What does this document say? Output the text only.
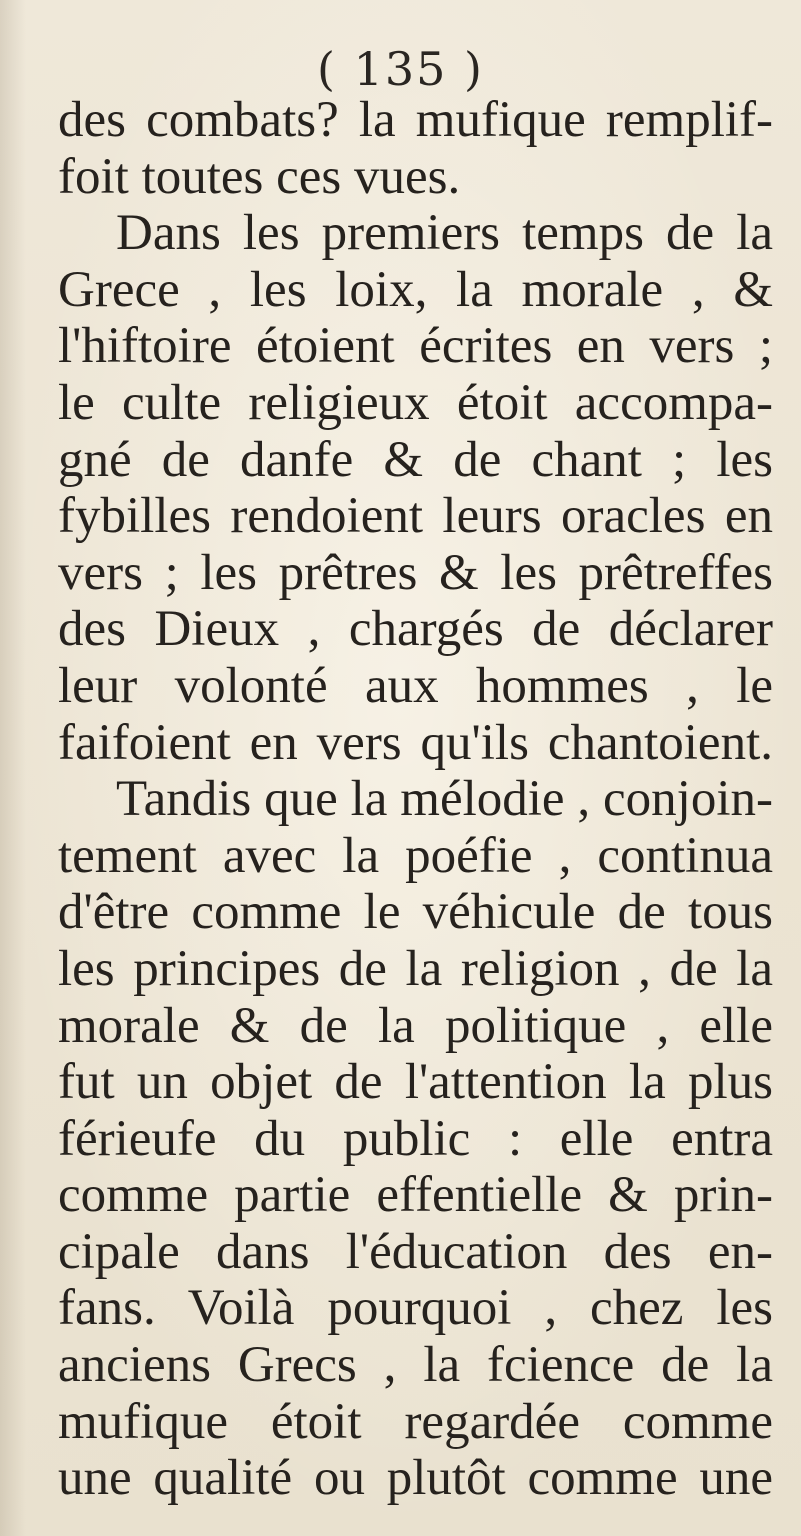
( 135 )
des combats? la mufique remplif-
foit toutes ces vues.
Dans les premiers temps de la
Grece , les loix, la morale , &
l'hiftoire étoient écrites en vers ;
le culte religieux étoit accompa-
gné de danfe & de chant ; les
fybilles rendoient leurs oracles en
vers ; les prêtres & les prêtreffes
des Dieux , chargés de déclarer
leur volonté aux hommes , le
faifoient en vers qu'ils chantoient.
Tandis que la mélodie , conjoin-
tement avec la poéfie , continua
d'être comme le véhicule de tous
les principes de la religion , de la
morale & de la politique , elle
fut un objet de l'attention la plus
férieufe du public : elle entra
comme partie effentielle & prin-
cipale dans l'éducation des en-
fans. Voilà pourquoi , chez les
anciens Grecs , la fcience de la
mufique étoit regardée comme
une qualité ou plutôt comme une
